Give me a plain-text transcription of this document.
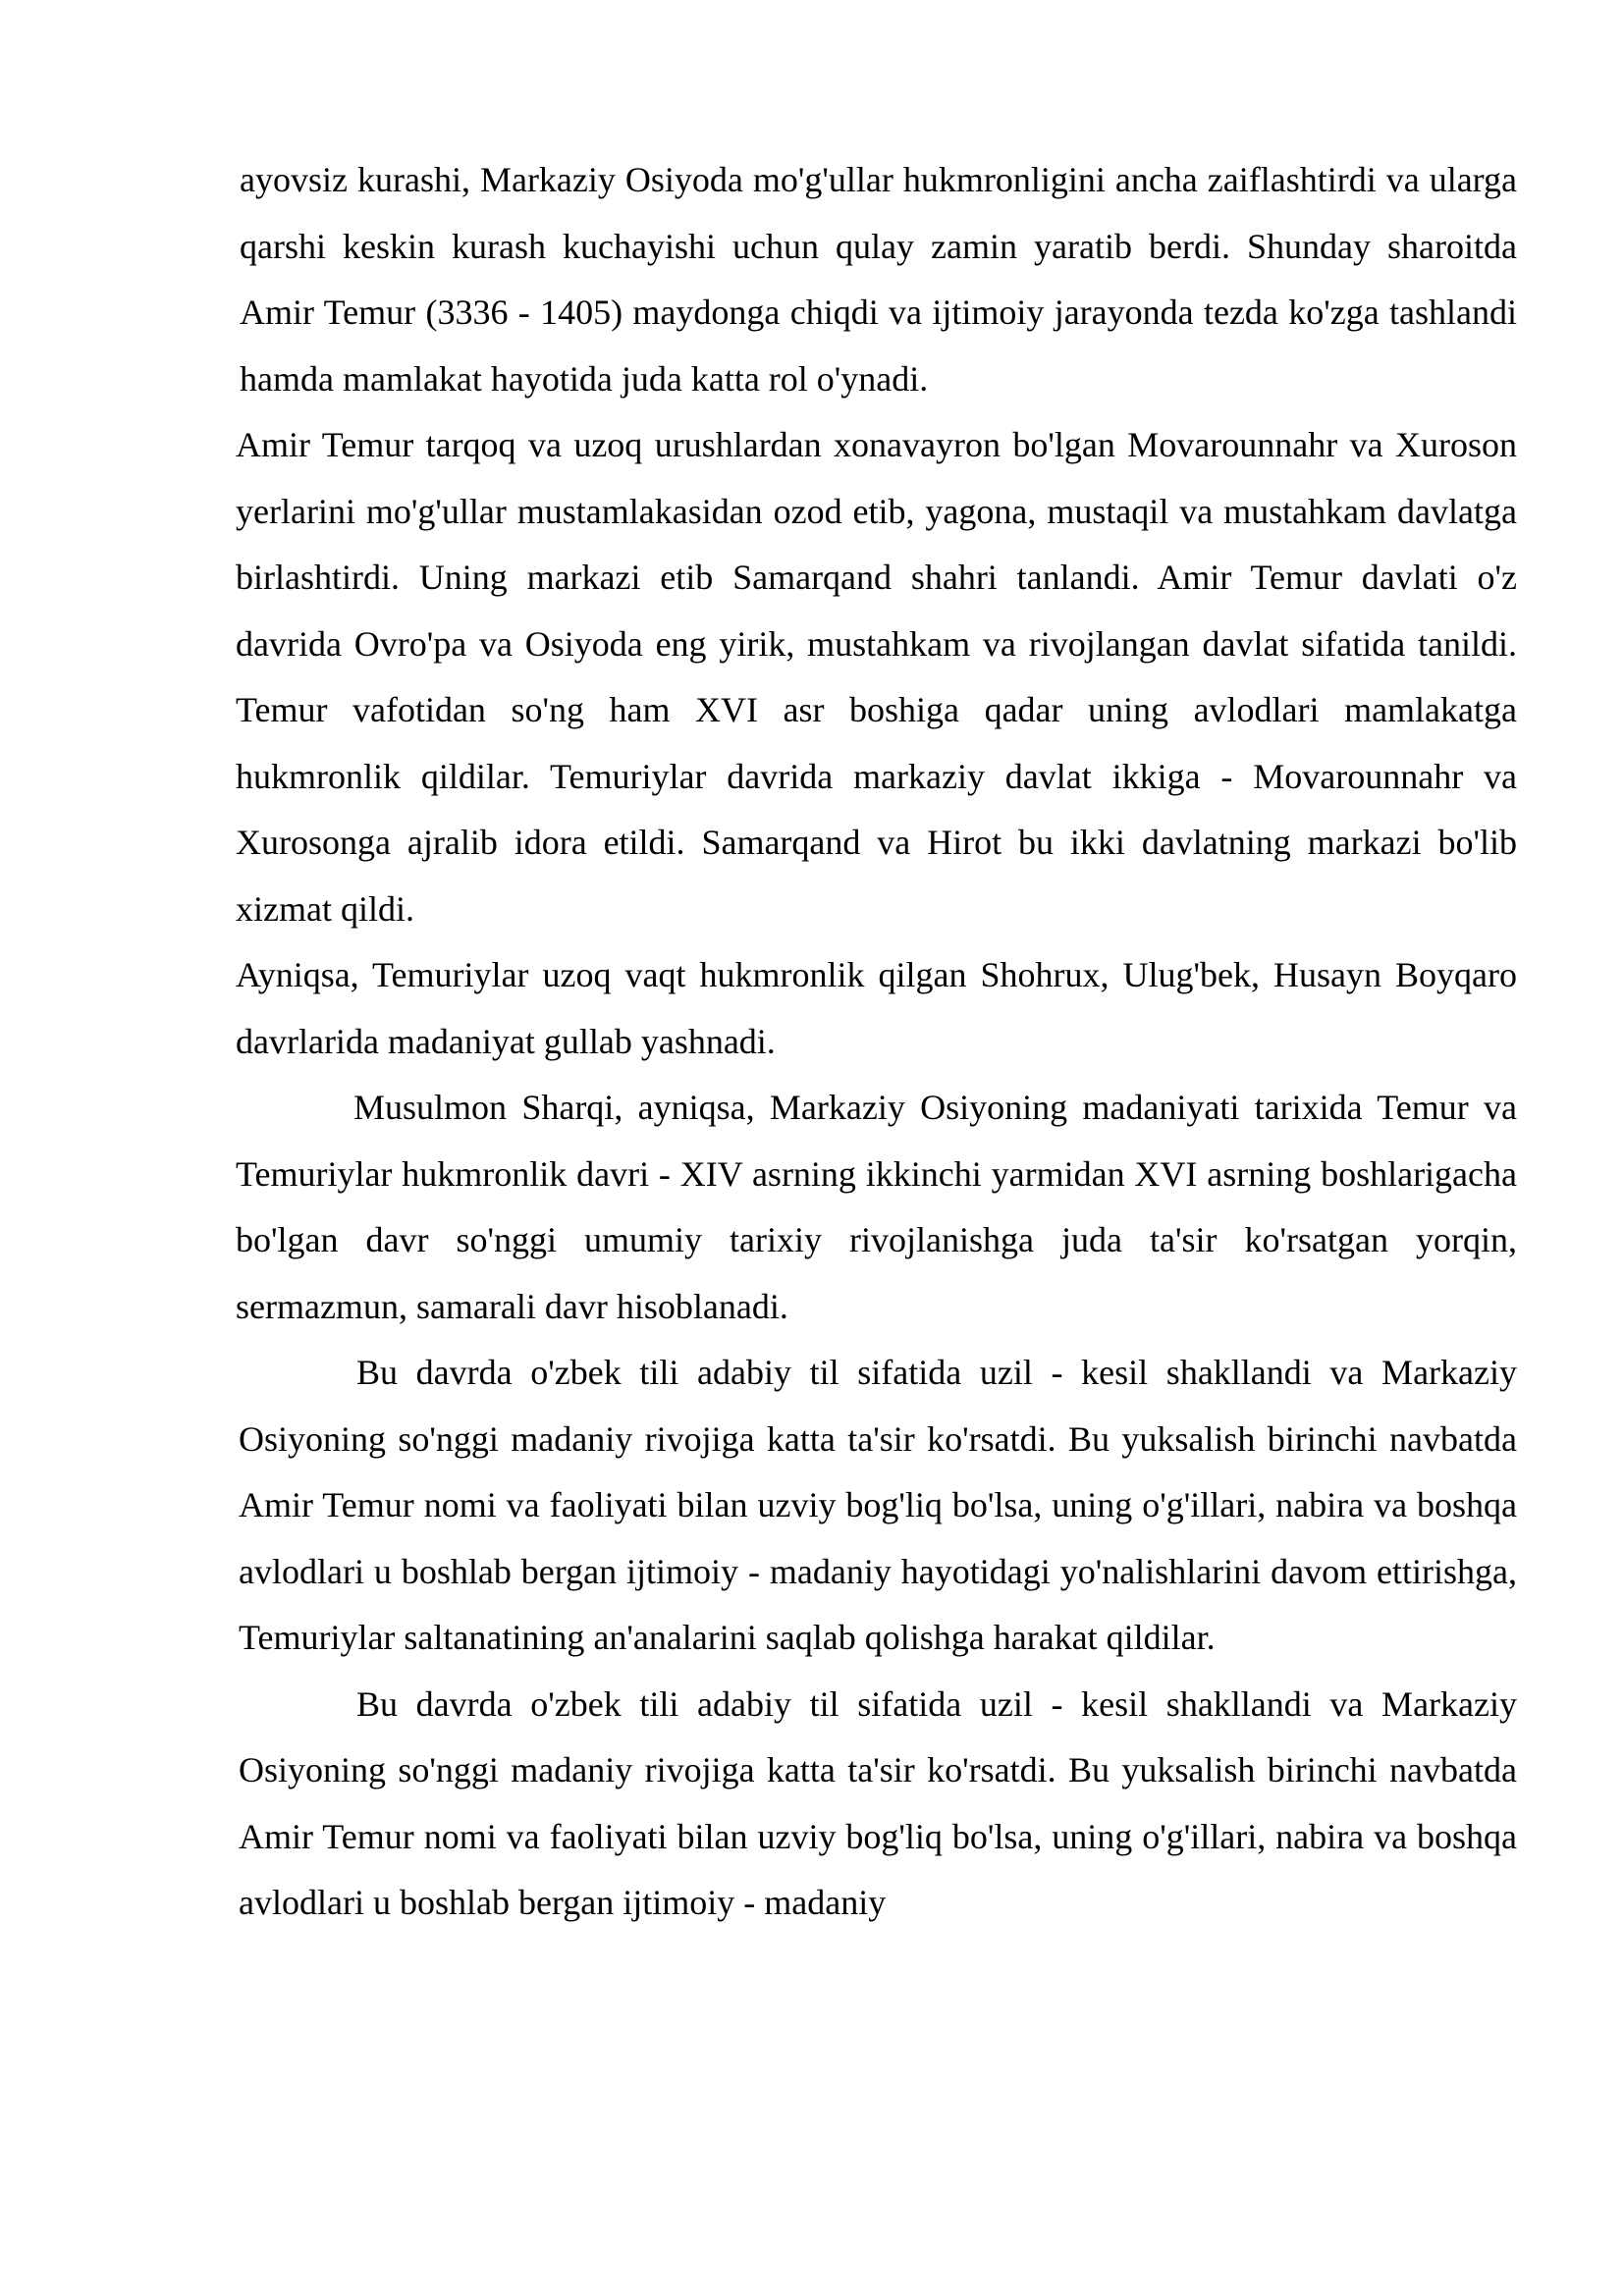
ayovsiz kurashi, Markaziy Osiyoda mo'g'ullar hukmronligini ancha zaiflashtirdi va ularga qarshi keskin kurash kuchayishi uchun qulay zamin yaratib berdi. Shunday sharoitda Amir Temur (3336 - 1405) maydonga chiqdi va ijtimoiy jarayonda tezda ko'zga tashlandi hamda mamlakat hayotida juda katta rol o'ynadi.

Amir Temur tarqoq va uzoq urushlardan xonavayron bo'lgan Movarounnahr va Xuroson yerlarini mo'g'ullar mustamlakasidan ozod etib, yagona, mustaqil va mustahkam davlatga birlashtirdi. Uning markazi etib Samarqand shahri tanlandi. Amir Temur davlati o'z davrida Ovro'pa va Osiyoda eng yirik, mustahkam va rivojlangan davlat sifatida tanildi. Temur vafotidan so'ng ham XVI asr boshiga qadar uning avlodlari mamlakatga hukmronlik qildilar. Temuriylar davrida markaziy davlat ikkiga - Movarounnahr va Xurosonga ajralib idora etildi. Samarqand va Hirot bu ikki davlatning markazi bo'lib xizmat qildi.

Ayniqsa, Temuriylar uzoq vaqt hukmronlik qilgan Shohrux, Ulug'bek, Husayn Boyqaro davrlarida madaniyat gullab yashnadi.

Musulmon Sharqi, ayniqsa, Markaziy Osiyoning madaniyati tarixida Temur va Temuriylar hukmronlik davri - XIV asrning ikkinchi yarmidan XVI asrning boshlarigacha bo'lgan davr so'nggi umumiy tarixiy rivojlanishga juda ta'sir ko'rsatgan yorqin, sermazmun, samarali davr hisoblanadi.

Bu davrda o'zbek tili adabiy til sifatida uzil - kesil shakllandi va Markaziy Osiyoning so'nggi madaniy rivojiga katta ta'sir ko'rsatdi. Bu yuksalish birinchi navbatda Amir Temur nomi va faoliyati bilan uzviy bog'liq bo'lsa, uning o'g'illari, nabira va boshqa avlodlari u boshlab bergan ijtimoiy - madaniy hayotidagi yo'nalishlarini davom ettirishga, Temuriylar saltanatining an'analarini saqlab qolishga harakat qildilar.

Bu davrda o'zbek tili adabiy til sifatida uzil - kesil shakllandi va Markaziy Osiyoning so'nggi madaniy rivojiga katta ta'sir ko'rsatdi. Bu yuksalish birinchi navbatda Amir Temur nomi va faoliyati bilan uzviy bog'liq bo'lsa, uning o'g'illari, nabira va boshqa avlodlari u boshlab bergan ijtimoiy - madaniy
